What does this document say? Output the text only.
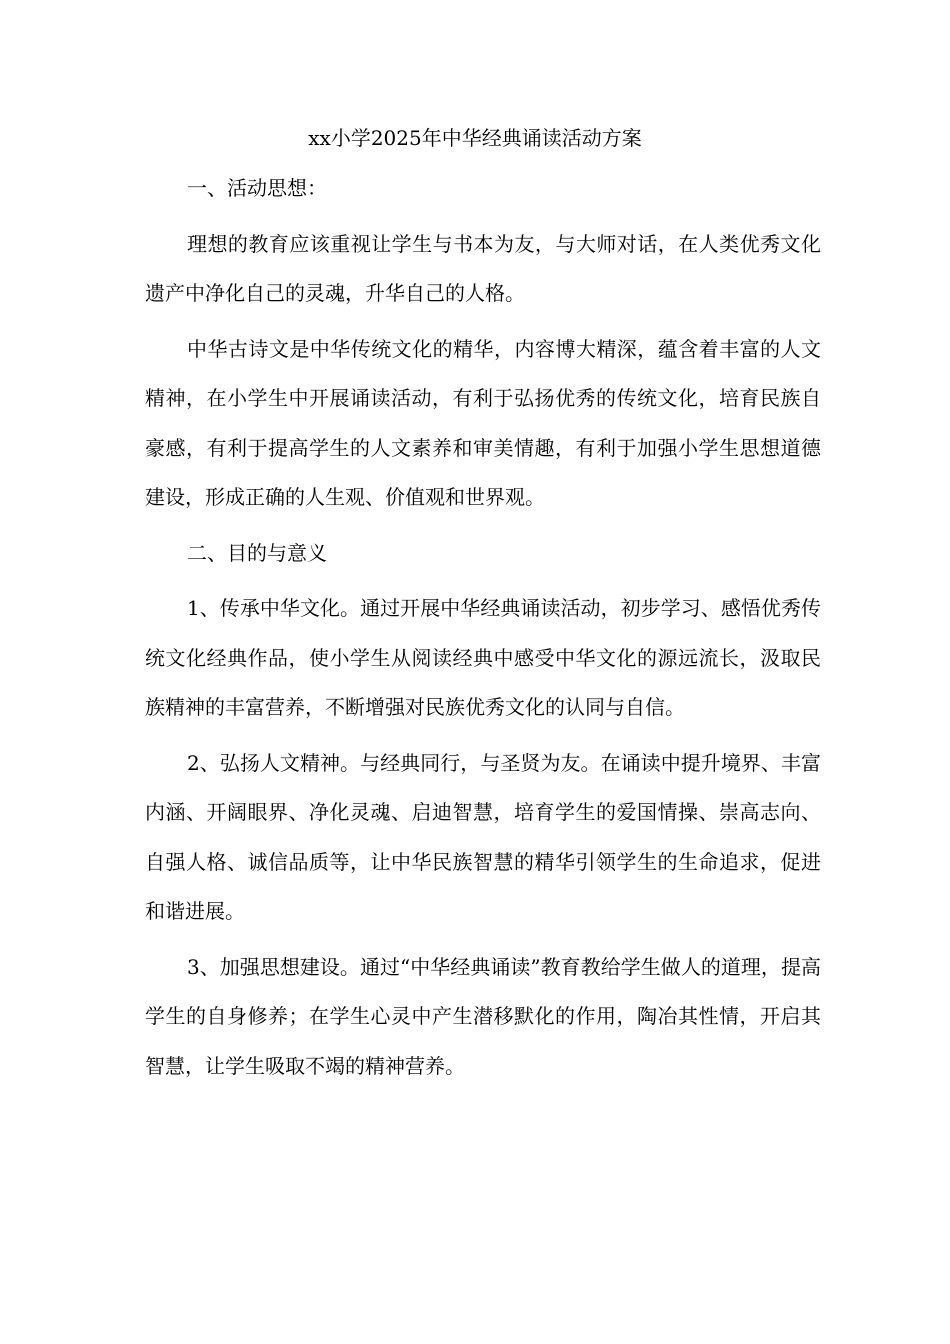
xx小学2025年中华经典诵读活动方案

一、活动思想：

理想的教育应该重视让学生与书本为友，与大师对话，在人类优秀文化遗产中净化自己的灵魂，升华自己的人格。

中华古诗文是中华传统文化的精华，内容博大精深，蕴含着丰富的人文精神，在小学生中开展诵读活动，有利于弘扬优秀的传统文化，培育民族自豪感，有利于提高学生的人文素养和审美情趣，有利于加强小学生思想道德建设，形成正确的人生观、价值观和世界观。

二、目的与意义

1、传承中华文化。通过开展中华经典诵读活动，初步学习、感悟优秀传统文化经典作品，使小学生从阅读经典中感受中华文化的源远流长，汲取民族精神的丰富营养，不断增强对民族优秀文化的认同与自信。

2、弘扬人文精神。与经典同行，与圣贤为友。在诵读中提升境界、丰富内涵、开阔眼界、净化灵魂、启迪智慧，培育学生的爱国情操、崇高志向、自强人格、诚信品质等，让中华民族智慧的精华引领学生的生命追求，促进和谐进展。

3、加强思想建设。通过“中华经典诵读”教育教给学生做人的道理，提高学生的自身修养；在学生心灵中产生潜移默化的作用，陶冶其性情，开启其智慧，让学生吸取不竭的精神营养。
